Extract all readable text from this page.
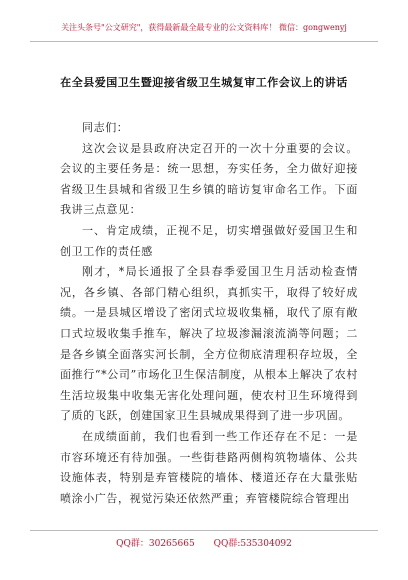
关注头条号"公文研究"，获得最新最全最专业的公文资料库！ 微信：gongwenyj
在全县爱国卫生暨迎接省级卫生城复审工作会议上的讲话

同志们：

这次会议是县政府决定召开的一次十分重要的会议。会议的主要任务是：统一思想，夯实任务，全力做好迎接省级卫生县城和省级卫生乡镇的暗访复审命名工作。下面我讲三点意见：

一、肯定成绩，正视不足，切实增强做好爱国卫生和创卫工作的责任感

刚才，*局长通报了全县春季爱国卫生月活动检查情况，各乡镇、各部门精心组织，真抓实干，取得了较好成绩。一是县城区增设了密闭式垃圾收集桶，取代了原有敞口式垃圾收集手推车，解决了垃圾渗漏滚流淌等问题；二是各乡镇全面落实河长制，全方位彻底清理积存垃圾，全面推行“*公司”市场化卫生保洁制度，从根本上解决了农村生活垃圾集中收集无害化处理问题，使农村卫生环境得到了质的飞跃，创建国家卫生县城成果得到了进一步巩固。

在成绩面前，我们也看到一些工作还存在不足：一是市容环境还有待加强。一些街巷路两侧构筑物墙体、公共设施体表，特别是弃管楼院的墙体、楼道还存在大量张贴喷涂小广告，视觉污染还依然严重；弃管楼院综合管理出

QQ群：30265665 QQ群:535304092
